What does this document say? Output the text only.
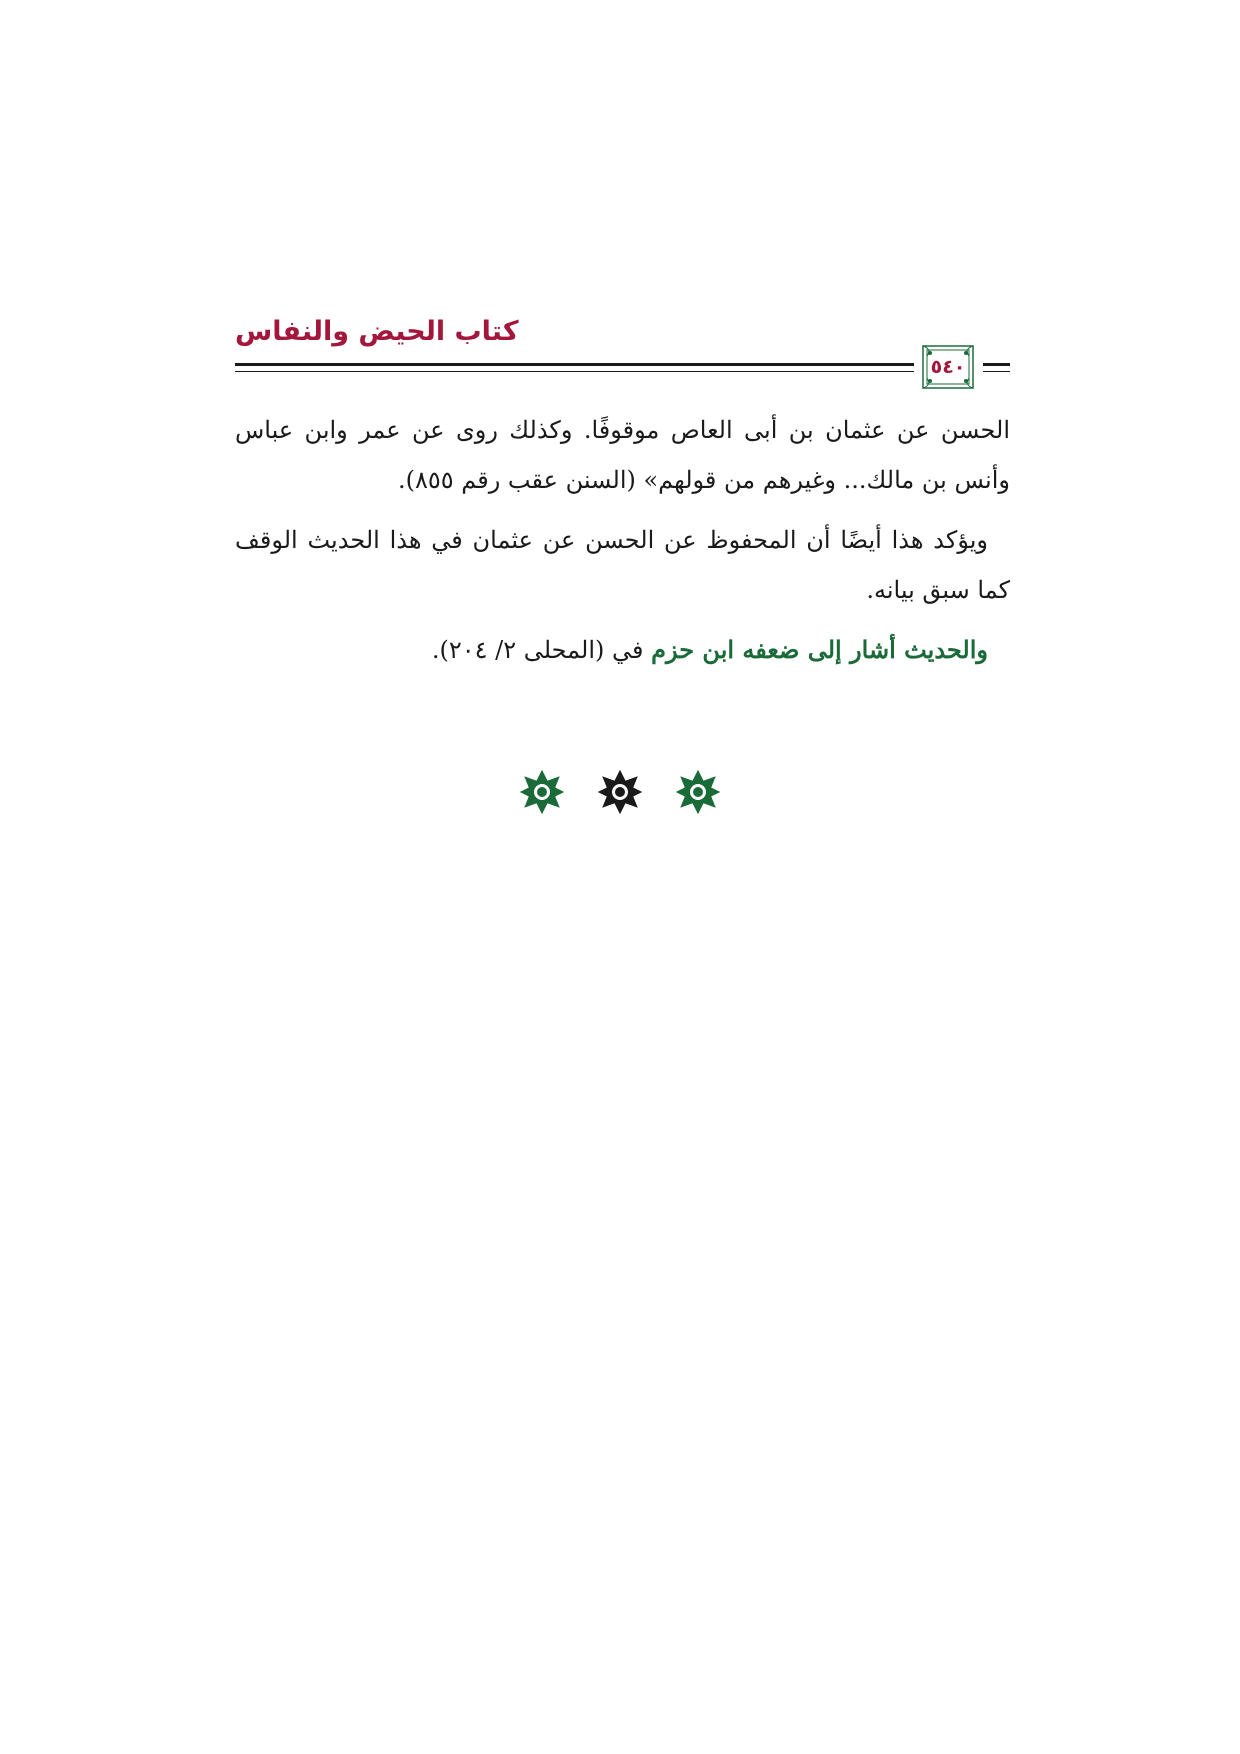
كتاب الحيض والنفاس
٥٤٠

الحسن عن عثمان بن أبى العاص موقوفًا. وكذلك روى عن عمر وابن عباس وأنس بن مالك... وغيرهم من قولهم» (السنن عقب رقم ٨٥٥).

ويؤكد هذا أيضًا أن المحفوظ عن الحسن عن عثمان في هذا الحديث الوقف كما سبق بيانه.

والحديث أشار إلى ضعفه ابن حزم في (المحلى ٢/ ٢٠٤).
